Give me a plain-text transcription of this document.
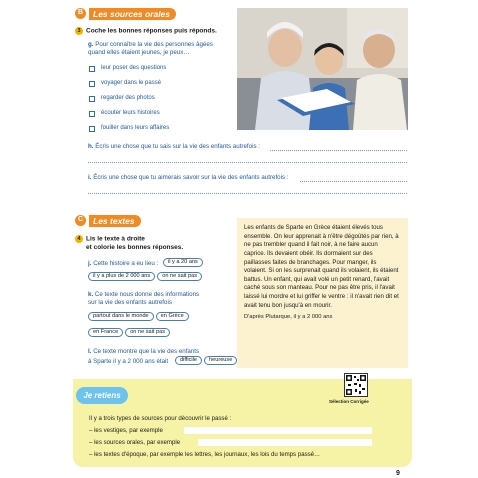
B	Les sources orales
3 Coche les bonnes réponses puis réponds.
g. Pour connaître la vie des personnes âgées
quand elles étaient jeunes, je peux…
leur poser des questions
voyager dans le passé
regarder des photos
écouter leurs histoires
fouiller dans leurs affaires
h. Écris une chose que tu sais sur la vie des enfants autrefois :
i. Écris une chose que tu aimerais savoir sur la vie des enfants autrefois :
C	Les textes
4 Lis le texte à droite
et colorie les bonnes réponses.
j. Cette histoire a eu lieu :	il y a 20 ans
il y a plus de 2 000 ans on ne sait pas
k. Ce texte nous donne des informations
sur la vie des enfants autrefois
partout dans le monde en Grèce
en France on ne sait pas
l. Ce texte montre que la vie des enfants
à Sparte il y a 2 000 ans était	difficile heureuse

Les enfants de Sparte en Grèce étaient élevés tous ensemble. On leur apprenait à n'être dégoûtés par rien, à ne pas trembler quand il fait noir, à ne faire aucun caprice. Ils devaient obéir. Ils dormaient sur des paillasses faites de branchages. Pour manger, ils volaient. Si on les surprenait quand ils volaient, ils étaient battus. Un enfant, qui avait volé un petit renard, l'avait caché sous son manteau. Pour ne pas être pris, il l'avait laissé lui mordre et lui griffer le ventre : il n'avait rien dit et avait tenu bon jusqu'à en mourir.

D'après Plutarque, il y a 2 000 ans

Je retiens
Sélection Corrigée
Il y a trois types de sources pour découvrir le passé :
– les vestiges, par exemple
– les sources orales, par exemple
– les textes d'époque, par exemple les lettres, les journaux, les lois du temps passé…
9
